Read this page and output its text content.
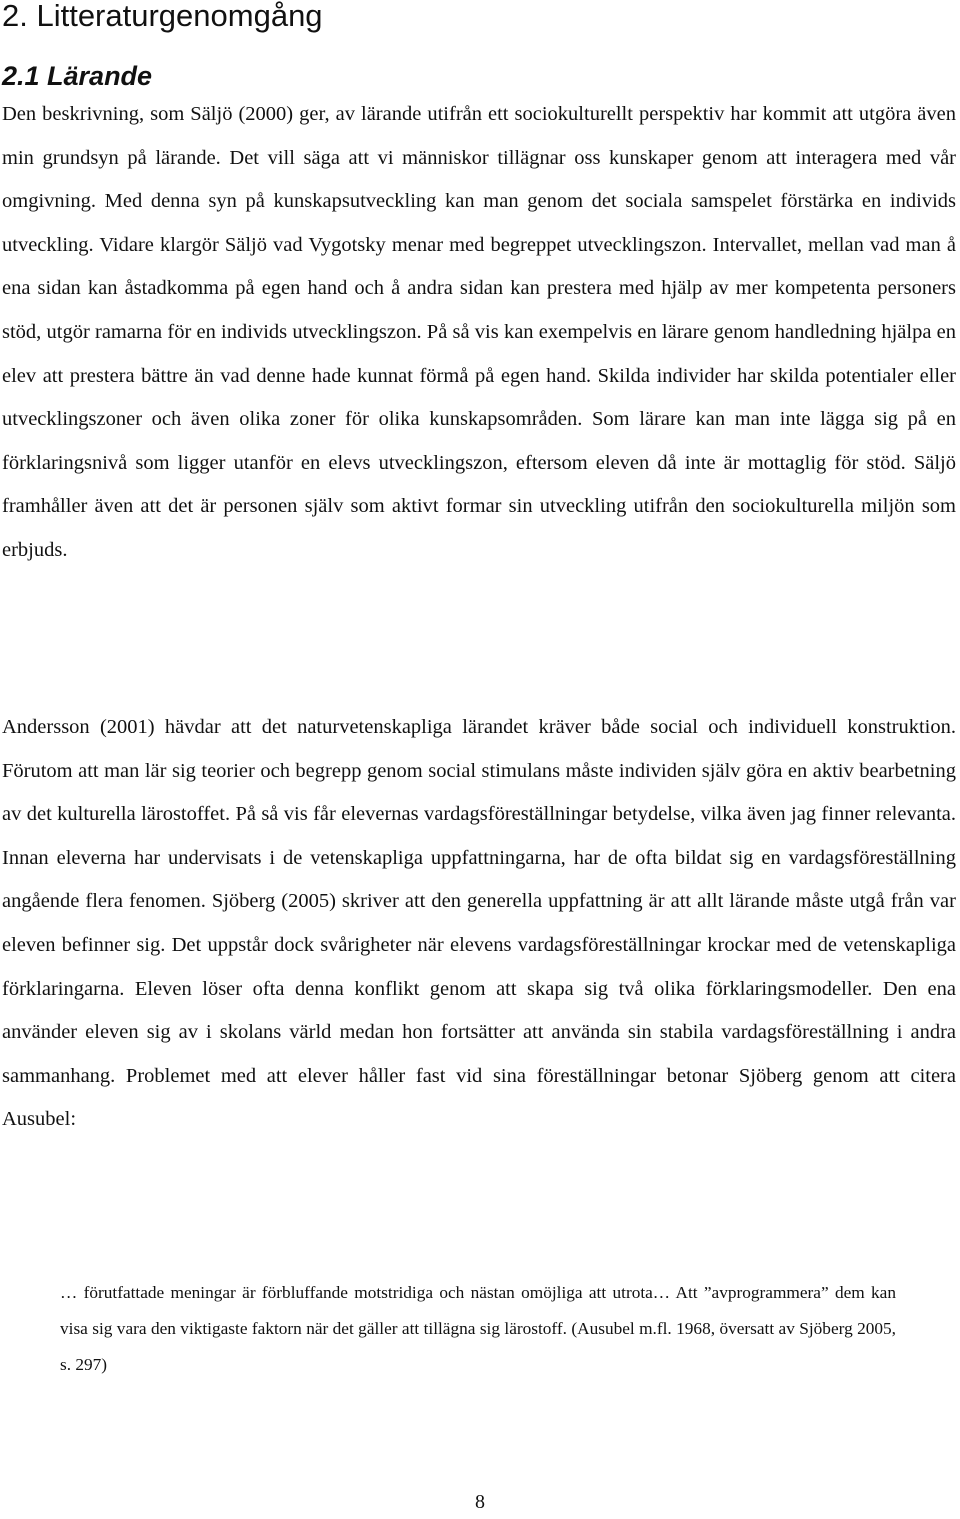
2. Litteraturgenomgång
2.1 Lärande

Den beskrivning, som Säljö (2000) ger, av lärande utifrån ett sociokulturellt perspektiv har kommit att utgöra även min grundsyn på lärande. Det vill säga att vi människor tillägnar oss kunskaper genom att interagera med vår omgivning. Med denna syn på kunskapsutveckling kan man genom det sociala samspelet förstärka en individs utveckling. Vidare klargör Säljö vad Vygotsky menar med begreppet utvecklingszon. Intervallet, mellan vad man å ena sidan kan åstadkomma på egen hand och å andra sidan kan prestera med hjälp av mer kompetenta personers stöd, utgör ramarna för en individs utvecklingszon. På så vis kan exempelvis en lärare genom handledning hjälpa en elev att prestera bättre än vad denne hade kunnat förmå på egen hand. Skilda individer har skilda potentialer eller utvecklingszoner och även olika zoner för olika kunskapsområden. Som lärare kan man inte lägga sig på en förklaringsnivå som ligger utanför en elevs utvecklingszon, eftersom eleven då inte är mottaglig för stöd. Säljö framhåller även att det är personen själv som aktivt formar sin utveckling utifrån den sociokulturella miljön som erbjuds.

Andersson (2001) hävdar att det naturvetenskapliga lärandet kräver både social och individuell konstruktion. Förutom att man lär sig teorier och begrepp genom social stimulans måste individen själv göra en aktiv bearbetning av det kulturella lärostoffet. På så vis får elevernas vardagsföreställningar betydelse, vilka även jag finner relevanta. Innan eleverna har undervisats i de vetenskapliga uppfattningarna, har de ofta bildat sig en vardagsföreställning angående flera fenomen. Sjöberg (2005) skriver att den generella uppfattning är att allt lärande måste utgå från var eleven befinner sig. Det uppstår dock svårigheter när elevens vardagsföreställningar krockar med de vetenskapliga förklaringarna. Eleven löser ofta denna konflikt genom att skapa sig två olika förklaringsmodeller. Den ena använder eleven sig av i skolans värld medan hon fortsätter att använda sin stabila vardagsföreställning i andra sammanhang. Problemet med att elever håller fast vid sina föreställningar betonar Sjöberg genom att citera Ausubel:

… förutfattade meningar är förbluffande motstridiga och nästan omöjliga att utrota… Att ”avprogrammera” dem kan visa sig vara den viktigaste faktorn när det gäller att tillägna sig lärostoff. (Ausubel m.fl. 1968, översatt av Sjöberg 2005, s. 297)

8
